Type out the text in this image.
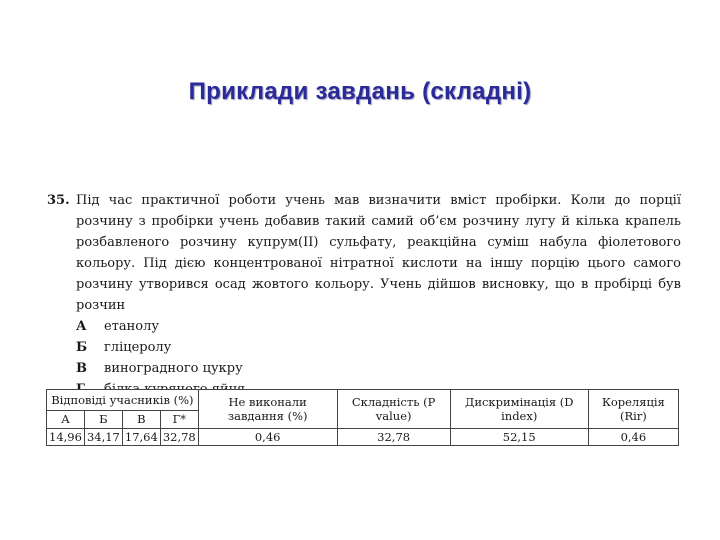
Приклади завдань (складні)
35. Під час практичної роботи учень мав визначити вміст пробірки. Коли до порції розчину з пробірки учень добавив такий самий об’єм розчину лугу й кілька крапель розбавленого розчину купрум(II) сульфату, реакційна суміш набула фіолетового кольору. Під дією концентрованої нітратної кислоти на іншу порцію цього самого розчину утворився осад жовтого кольору. Учень дійшов висновку, що в пробірці був розчин
А етанолу
Б гліцеролу
В виноградного цукру
Відповіді учасників (%)				Не виконали завдання (%)	Складність (P value)	Дискримінація (D index)	Кореляція (Rir)
А	Б	В	Г*				
14,96	34,17	17,64	32,78	0,46	32,78	52,15	0,46
